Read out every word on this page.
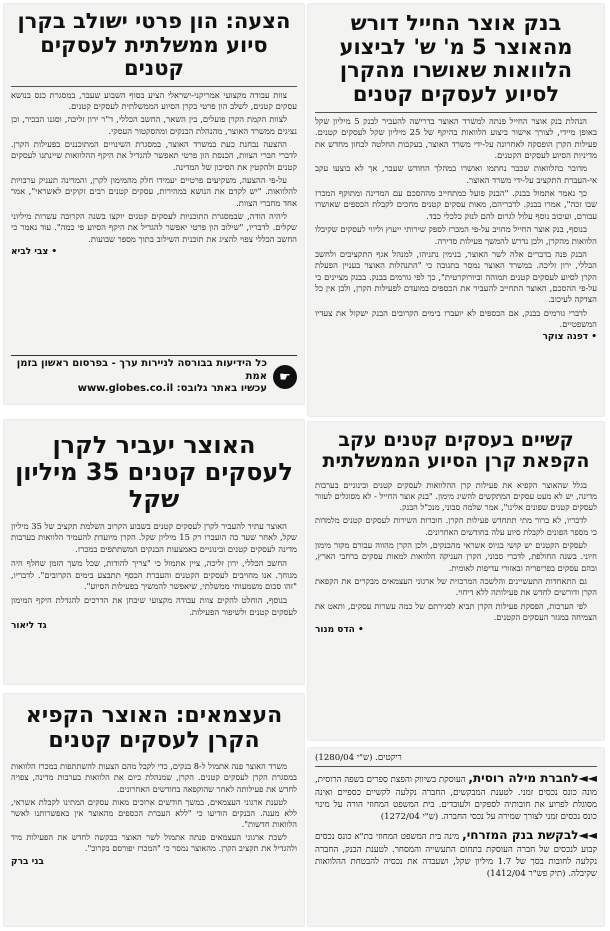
בנק אוצר החייל דורש מהאוצר 5 מ' ש' לביצוע הלוואות שאושרו מהקרן לסיוע לעסקים קטנים

הנהלת בנק אוצר החייל פנתה למשרד האוצר בדרישה להעביר לבנק 5 מיליון שקל באופן מיידי, לצורך אישור ביצוע הלוואות בהיקף של 25 מיליון שקל לעסקים קטנים. פעילות הקרן הופסקה לאחרונה על-ידי משרד האוצר, בעקבות החלטה לבחון מחדש את מדיניות הסיוע לעסקים הקטנים.

מדובר בהלוואות שכבר נחתמו ואושרו במהלך החודש שעבר, אך לא בוצעו עקב אי-העברת התקציב על-ידי משרד האוצר.

כך נאמר אתמול בבנק. "הבנק פועל כמתחייב מההסכם עם המדינה ומתוקף המכרז שבו זכה", אמרו בבנק. לדבריהם, מאות עסקים קטנים מחכים לקבלת הכספים שאושרו עבורם, ועיכוב נוסף עלול לגרום להם לנזק כלכלי כבד.

בנוסף, בנק אוצר החייל מחויב על-פי המכרז לספק שירותי ייעוץ וליווי לעסקים שקיבלו הלוואות מהקרן, ולכן נדרש להמשך פעילות סדירה.

הבנק פנה בדברים אלה לשר האוצר, בנימין נתניהו, למנהל אגף התקציבים ולחשב הכללי, ירון זליכה. במשרד האוצר נמסר בתגובה כי "התנהלות האוצר בעניין הפעלת הקרן לסיוע לעסקים קטנים תמוהה וביורוקרטית", כך לפי גורמים בבנק. בבנק מציינים כי על-פי ההסכם, האוצר התחייב להעביר את הכספים במועדם לפעילות הקרן, ולכן אין כל הצדקה לעיכוב.

לדברי גורמים בבנק, אם הכספים לא יועברו בימים הקרובים הבנק ישקול את צעדיו המשפטיים.

• דפנה צוקר
הצעה: הון פרטי ישולב בקרן סיוע ממשלתית לעסקים קטנים

צוות עבודה מקצועי אמריקני-ישראלי הציע בסוף השבוע שעבר, במסגרת כנס בנושא עסקים קטנים, לשלב הון פרטי בקרן הסיוע הממשלתית לעסקים קטנים.

לצוות הקמת הקרן פועלים, בין השאר, החשב הכללי, ד"ר ירון זליכה, וסגנו הבכיר, וכן נציגים ממשרד האוצר, מהנהלת הבנקים ומהסקטור העסקי.

ההצעה נבחנת כעת במשרד האוצר, במסגרת השינויים המתוכננים בפעילות הקרן. לדברי חברי הצוות, הכנסת הון פרטי תאפשר להגדיל את היקף ההלוואות שיינתנו לעסקים קטנים ולהקטין את הסיכון של המדינה.

על-פי ההצעה, משקיעים פרטיים יעמידו חלק מהמימון לקרן, והמדינה תעניק ערבויות להלוואות. "יש לקדם את הנושא במהירות, עסקים קטנים רבים זקוקים לאשראי", אמר אחד מחברי הצוות.

ליהיה הודה, שבמסגרת התוכניות לעסקים קטנים יוקצו בשנה הקרובה עשרות מיליוני שקלים. לדבריו, "שילוב הון פרטי יאפשר להגדיל את היקף הסיוע פי כמה". עוד נאמר כי החשב הכללי צפוי להציג את תוכנית השילוב בתוך מספר שבועות.

• צבי לביא
☛
כל הידיעות בבורסה לניירות ערך - בפרסום ראשון בזמן אמת
עכשיו באתר גלובס: www.globes.co.il
האוצר יעביר לקרן לעסקים קטנים 35 מיליון שקל

האוצר עתיד להעביר לקרן לעסקים קטנים בשבוע הקרוב השלמת תקציב של 35 מיליון שקל, לאחר שעד כה הועברו רק 15 מיליון שקל. הקרן מיועדת להעמיד הלוואות בערבות מדינה לעסקים קטנים ובינוניים באמצעות הבנקים המשתתפים במכרז.

החשב הכללי, ירון זליכה, ציין אתמול כי "צריך להודות, שכל משך הזמן שחלף היה מגוחך. אנו מחויבים לעסקים הקטנים והעברת הכסף תתבצע בימים הקרובים". לדבריו, "זהו סכום משמעותי ממשלתי, שיאפשר להמשיך בפעילות הסיוע".

בנוסף, הוחלט להקים צוות עבודה מקצועי שיבחן את הדרכים להגדלת היקף המימון לעסקים קטנים ולשיפור הפעילות.

גד ליאור
קשיים בעסקים קטנים עקב הקפאת קרן הסיוע הממשלתית

בגלל שהאוצר הקפיא את פעילות קרן ההלוואות לעסקים קטנים ובינוניים בערבות מדינה, יש לא מעט עסקים המתקשים להשיג מימון. "בנק אוצר החייל - לא מסוגלים לעזור לעסקים קטנים שפונים אלינו", אמר שלמה סבוני, מנכ"ל הבנק.

לדבריו, לא ברור מתי תתחדש פעילות הקרן. חוברות השירות לעסקים קטנים מלמדות כי מספר הפונים לקבלת סיוע עלה בחודשים האחרונים.

לעסקים הקטנים יש קושי בגיוס אשראי מהבנקים, ולכן הקרן מהווה עבורם מקור מימון חיוני. בשנה החולפת, לדברי סבוני, הקרן העניקה הלוואות למאות עסקים ברחבי הארץ, ובהם עסקים בפריפריה ובאזורי עדיפות לאומית.

גם התאחדות התעשיינים והלשכה המרכזית של ארגוני העצמאים מבקרים את הקפאת הקרן ודורשים לחדש את פעילותה ללא דיחוי.

לפי הערכות, הפסקת פעילות הקרן תביא לסגירתם של כמה עשרות עסקים, ותאט את הצמיחה במגזר העסקים הקטנים.

• הדס מנור
העצמאים: האוצר הקפיא הקרן לעסקים קטנים

משרד האוצר פנה אתמול ל-8 בנקים, כדי לקבל מהם הצעות להשתתפות במכרז הלוואות במסגרת הקרן לעסקים קטנים. הקרן, שמנהלת כיום את הלוואות בערבות מדינה, צפויה לחדש את פעילותה לאחר שהוקפאה בחודשים האחרונים.

לטענת ארגוני העצמאים, במשך חודשים ארוכים מאות עסקים המתינו לקבלת אשראי, ללא מענה. הבנקים הודיעו כי "ללא העברת הכספים מהאוצר אין באפשרותנו לאשר הלוואות חדשות".

לשכת ארגוני העצמאים פנתה אתמול לשר האוצר בבקשה לחדש את הפעילות מיד ולהגדיל את תקציב הקרן. מהאוצר נמסר כי "המכרז יפורסם בקרוב".

בני ברק
ריקטים. (ש"י 1280/04)
◄◄לחברת מילה רוסית, העוסקת בשיווק והפצת ספרים בשפה הרוסית, מונה כונס נכסים זמני. לטענת המבקשים, החברה נקלעה לקשיים כספיים ואינה מסוגלת לפרוע את חובותיה לספקים ולעובדים. בית המשפט המחוזי הורה על מינוי כונס נכסים זמני לצורך שמירה על נכסי החברה. (ש"י 1272/04)
◄◄לבקשת בנק המזרחי, מינה בית המשפט המחוזי בת"א כונס נכסים קבוע לנכסים של חברה העוסקת בתחום התעשייה והמסחר. לטענת הבנק, החברה נקלעה לחובות בסך של 1.7 מיליון שקל, ושעבדה את נכסיה להבטחת ההלוואות שקיבלה. (תיק פש"ר 1412/04)
